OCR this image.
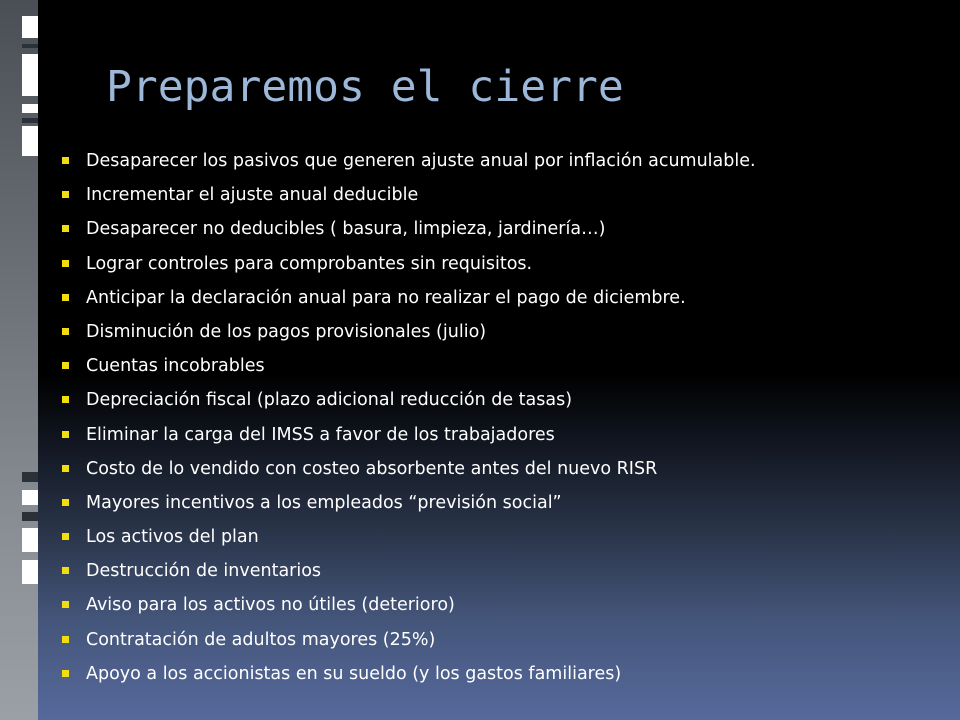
Preparemos el cierre
Desaparecer los pasivos que generen ajuste anual por inflación acumulable.
Incrementar el ajuste anual deducible
Desaparecer no deducibles ( basura, limpieza, jardinería…)
Lograr controles para comprobantes sin requisitos.
Anticipar la declaración anual para no realizar el pago de diciembre.
Disminución de los pagos provisionales (julio)
Cuentas incobrables
Depreciación fiscal (plazo adicional reducción de tasas)
Eliminar la carga del IMSS a favor de los trabajadores
Costo de lo vendido con costeo absorbente antes del nuevo RISR
Mayores incentivos a los empleados “previsión social”
Los activos del plan
Destrucción de inventarios
Aviso para los activos no útiles (deterioro)
Contratación de adultos mayores (25%)
Apoyo a los accionistas en su sueldo (y los gastos familiares)
